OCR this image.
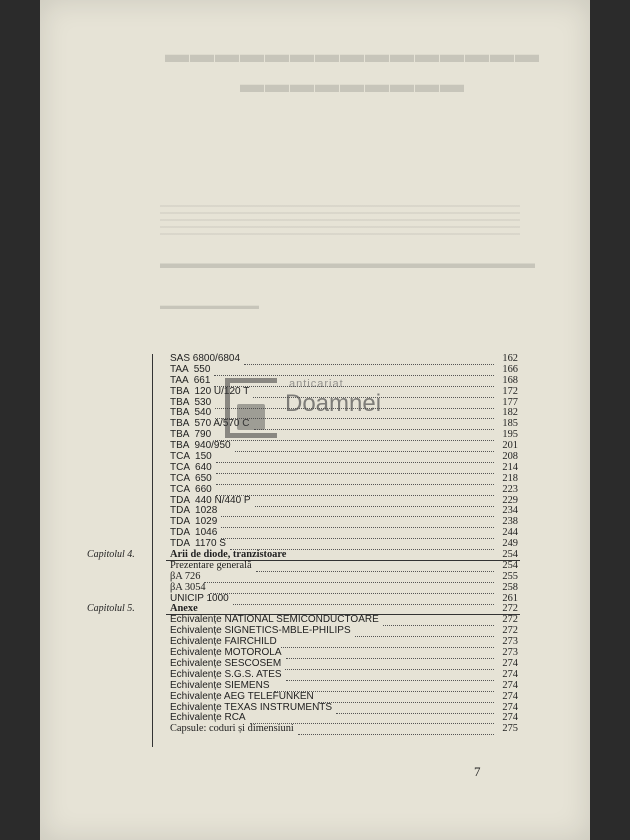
▬▬▬▬▬▬▬▬▬▬▬▬▬▬▬
▬▬▬▬▬▬▬▬▬
▬▬▬▬▬▬▬▬▬▬▬▬▬▬▬▬▬▬▬▬▬▬▬▬▬
▬▬▬▬▬▬▬▬▬
SAS 6800/6804	162
TAA  550	166
TAA  661	168
TBA  120 U/120 T	172
TBA  530	177
TBA  540	182
TBA  570 A/570 C	185
TBA  790	195
TBA  940/950	201
TCA  150	208
TCA  640	214
TCA  650	218
TCA  660	223
TDA  440 N/440 P	229
TDA  1028	234
TDA  1029	238
TDA  1046	244
TDA  1170 S	249
Capitolul 4.	Arii de diode, tranzistoare	254
Prezentare generală	254
βA 726	255
βA 3054	258
UNICIP 1000	261
Capitolul 5.	Anexe	272
Echivalențe NATIONAL SEMICONDUCTOARE	272
Echivalențe SIGNETICS-MBLE-PHILIPS	272
Echivalențe FAIRCHILD	273
Echivalențe MOTOROLA	273
Echivalențe SESCOSEM	274
Echivalențe S.G.S. ATES	274
Echivalențe SIEMENS	274
Echivalențe AEG TELEFUNKEN	274
Echivalențe TEXAS INSTRUMENTS	274
Echivalențe RCA	274
Capsule: coduri și dimensiuni	275
anticariat
Doamnei
7
